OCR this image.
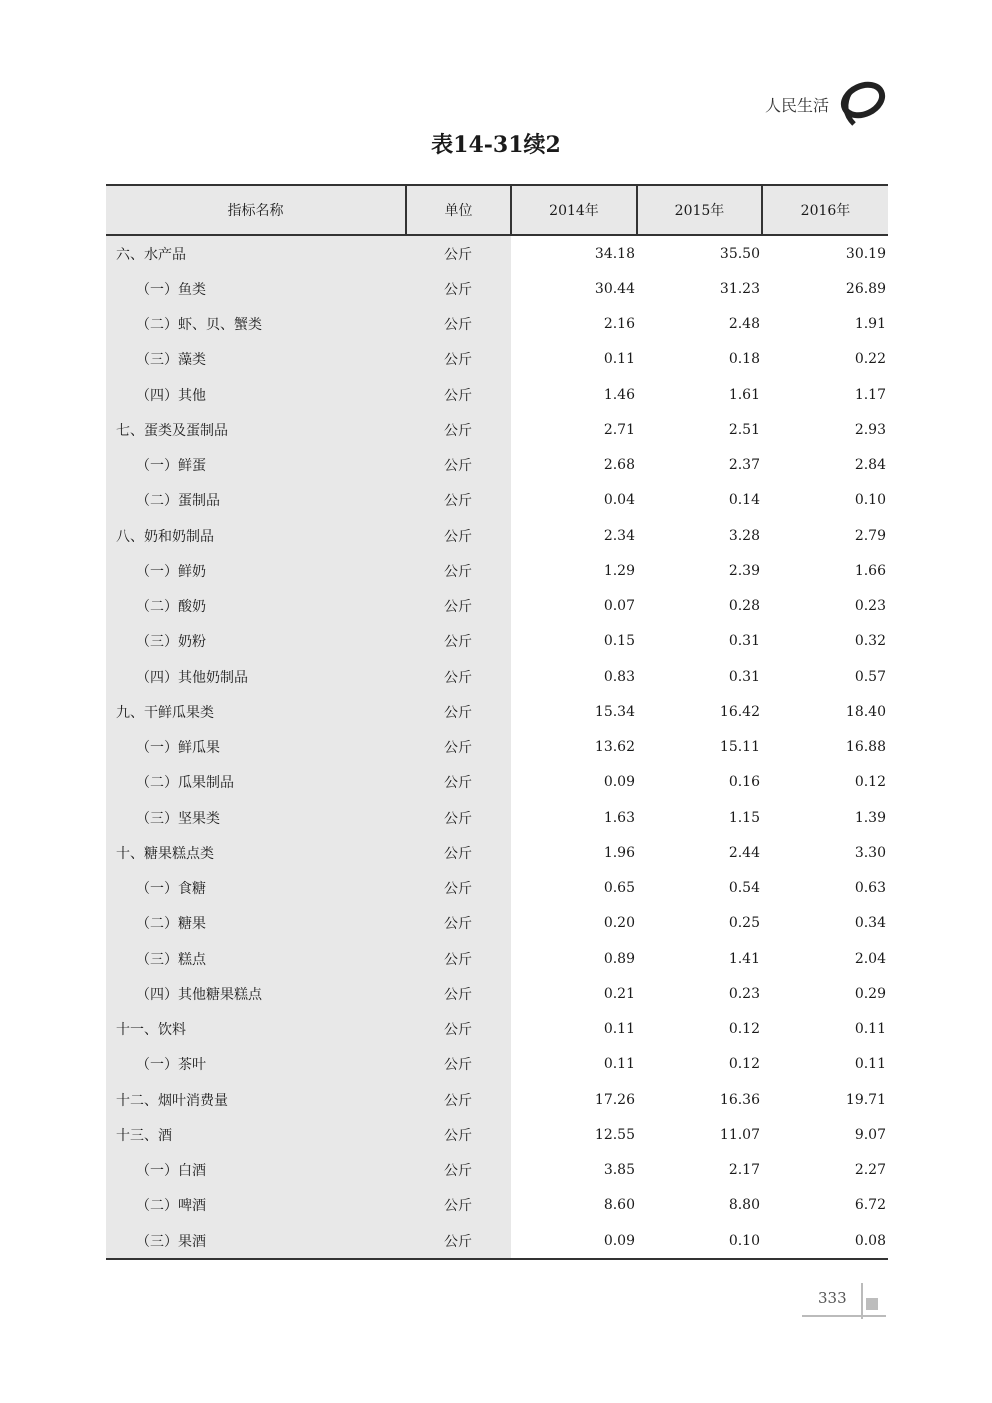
人民生活
表14-31续2
指标名称	单位	2014年	2015年	2016年
六、水产品	公斤	34.18	35.50	30.19
（一）鱼类	公斤	30.44	31.23	26.89
（二）虾、贝、蟹类	公斤	2.16	2.48	1.91
（三）藻类	公斤	0.11	0.18	0.22
（四）其他	公斤	1.46	1.61	1.17
七、蛋类及蛋制品	公斤	2.71	2.51	2.93
（一）鲜蛋	公斤	2.68	2.37	2.84
（二）蛋制品	公斤	0.04	0.14	0.10
八、奶和奶制品	公斤	2.34	3.28	2.79
（一）鲜奶	公斤	1.29	2.39	1.66
（二）酸奶	公斤	0.07	0.28	0.23
（三）奶粉	公斤	0.15	0.31	0.32
（四）其他奶制品	公斤	0.83	0.31	0.57
九、干鲜瓜果类	公斤	15.34	16.42	18.40
（一）鲜瓜果	公斤	13.62	15.11	16.88
（二）瓜果制品	公斤	0.09	0.16	0.12
（三）坚果类	公斤	1.63	1.15	1.39
十、糖果糕点类	公斤	1.96	2.44	3.30
（一）食糖	公斤	0.65	0.54	0.63
（二）糖果	公斤	0.20	0.25	0.34
（三）糕点	公斤	0.89	1.41	2.04
（四）其他糖果糕点	公斤	0.21	0.23	0.29
十一、饮料	公斤	0.11	0.12	0.11
（一）茶叶	公斤	0.11	0.12	0.11
十二、烟叶消费量	公斤	17.26	16.36	19.71
十三、酒	公斤	12.55	11.07	9.07
（一）白酒	公斤	3.85	2.17	2.27
（二）啤酒	公斤	8.60	8.80	6.72
（三）果酒	公斤	0.09	0.10	0.08
333
